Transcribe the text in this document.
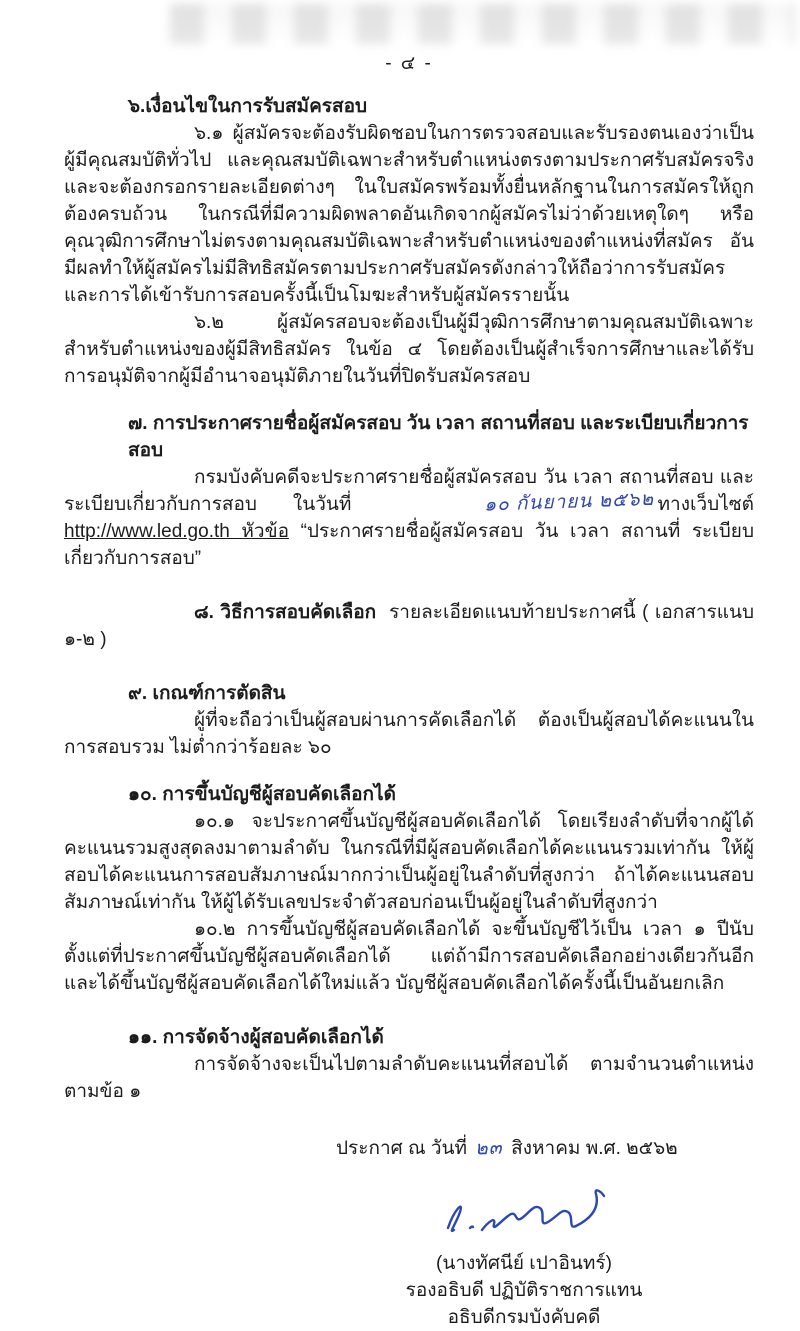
- ๔ -
๖.เงื่อนไขในการรับสมัครสอบ

๖.๑ ผู้สมัครจะต้องรับผิดชอบในการตรวจสอบและรับรองตนเองว่าเป็นผู้มีคุณสมบัติทั่วไป และคุณสมบัติเฉพาะสำหรับตำแหน่งตรงตามประกาศรับสมัครจริง และจะต้องกรอกรายละเอียดต่างๆ ในใบสมัครพร้อมทั้งยื่นหลักฐานในการสมัครให้ถูกต้องครบถ้วน ในกรณีที่มีความผิดพลาดอันเกิดจากผู้สมัครไม่ว่าด้วยเหตุใดๆ หรือคุณวุฒิการศึกษาไม่ตรงตามคุณสมบัติเฉพาะสำหรับตำแหน่งของตำแหน่งที่สมัคร อันมีผลทำให้ผู้สมัครไม่มีสิทธิสมัครตามประกาศรับสมัครดังกล่าวให้ถือว่าการรับสมัคร และการได้เข้ารับการสอบครั้งนี้เป็นโมฆะสำหรับผู้สมัครรายนั้น

๖.๒ ผู้สมัครสอบจะต้องเป็นผู้มีวุฒิการศึกษาตามคุณสมบัติเฉพาะสำหรับตำแหน่งของผู้มีสิทธิสมัคร ในข้อ ๔ โดยต้องเป็นผู้สำเร็จการศึกษาและได้รับการอนุมัติจากผู้มีอำนาจอนุมัติภายในวันที่ปิดรับสมัครสอบ

๗. การประกาศรายชื่อผู้สมัครสอบ วัน เวลา สถานที่สอบ และระเบียบเกี่ยวการสอบ

กรมบังคับคดีจะประกาศรายชื่อผู้สมัครสอบ วัน เวลา สถานที่สอบ และระเบียบเกี่ยวกับการสอบ ในวันที่	๑๐ กันยายน ๒๕๖๒ ทางเว็บไซต์ http://www.led.go.th หัวข้อ “ประกาศรายชื่อผู้สมัครสอบ วัน เวลา สถานที่ ระเบียบเกี่ยวกับการสอบ”

๘. วิธีการสอบคัดเลือก รายละเอียดแนบท้ายประกาศนี้ ( เอกสารแนบ ๑-๒ )

๙. เกณฑ์การตัดสิน

ผู้ที่จะถือว่าเป็นผู้สอบผ่านการคัดเลือกได้ ต้องเป็นผู้สอบได้คะแนนในการสอบรวม ไม่ต่ำกว่าร้อยละ ๖๐

๑๐. การขึ้นบัญชีผู้สอบคัดเลือกได้

๑๐.๑ จะประกาศขึ้นบัญชีผู้สอบคัดเลือกได้ โดยเรียงลำดับที่จากผู้ได้คะแนนรวมสูงสุดลงมาตามลำดับ ในกรณีที่มีผู้สอบคัดเลือกได้คะแนนรวมเท่ากัน ให้ผู้สอบได้คะแนนการสอบสัมภาษณ์มากกว่าเป็นผู้อยู่ในลำดับที่สูงกว่า ถ้าได้คะแนนสอบสัมภาษณ์เท่ากัน ให้ผู้ได้รับเลขประจำตัวสอบก่อนเป็นผู้อยู่ในลำดับที่สูงกว่า

๑๐.๒ การขึ้นบัญชีผู้สอบคัดเลือกได้ จะขึ้นบัญชีไว้เป็น เวลา ๑ ปีนับตั้งแต่ที่ประกาศขึ้นบัญชีผู้สอบคัดเลือกได้ แต่ถ้ามีการสอบคัดเลือกอย่างเดียวกันอีก และได้ขึ้นบัญชีผู้สอบคัดเลือกได้ใหม่แล้ว บัญชีผู้สอบคัดเลือกได้ครั้งนี้เป็นอันยกเลิก

๑๑. การจัดจ้างผู้สอบคัดเลือกได้

การจัดจ้างจะเป็นไปตามลำดับคะแนนที่สอบได้ ตามจำนวนตำแหน่ง ตามข้อ ๑

ประกาศ ณ วันที่ ๒๓ สิงหาคม พ.ศ. ๒๕๖๒
(นางทัศนีย์ เปาอินทร์)
รองอธิบดี ปฏิบัติราชการแทน
อธิบดีกรมบังคับคดี
